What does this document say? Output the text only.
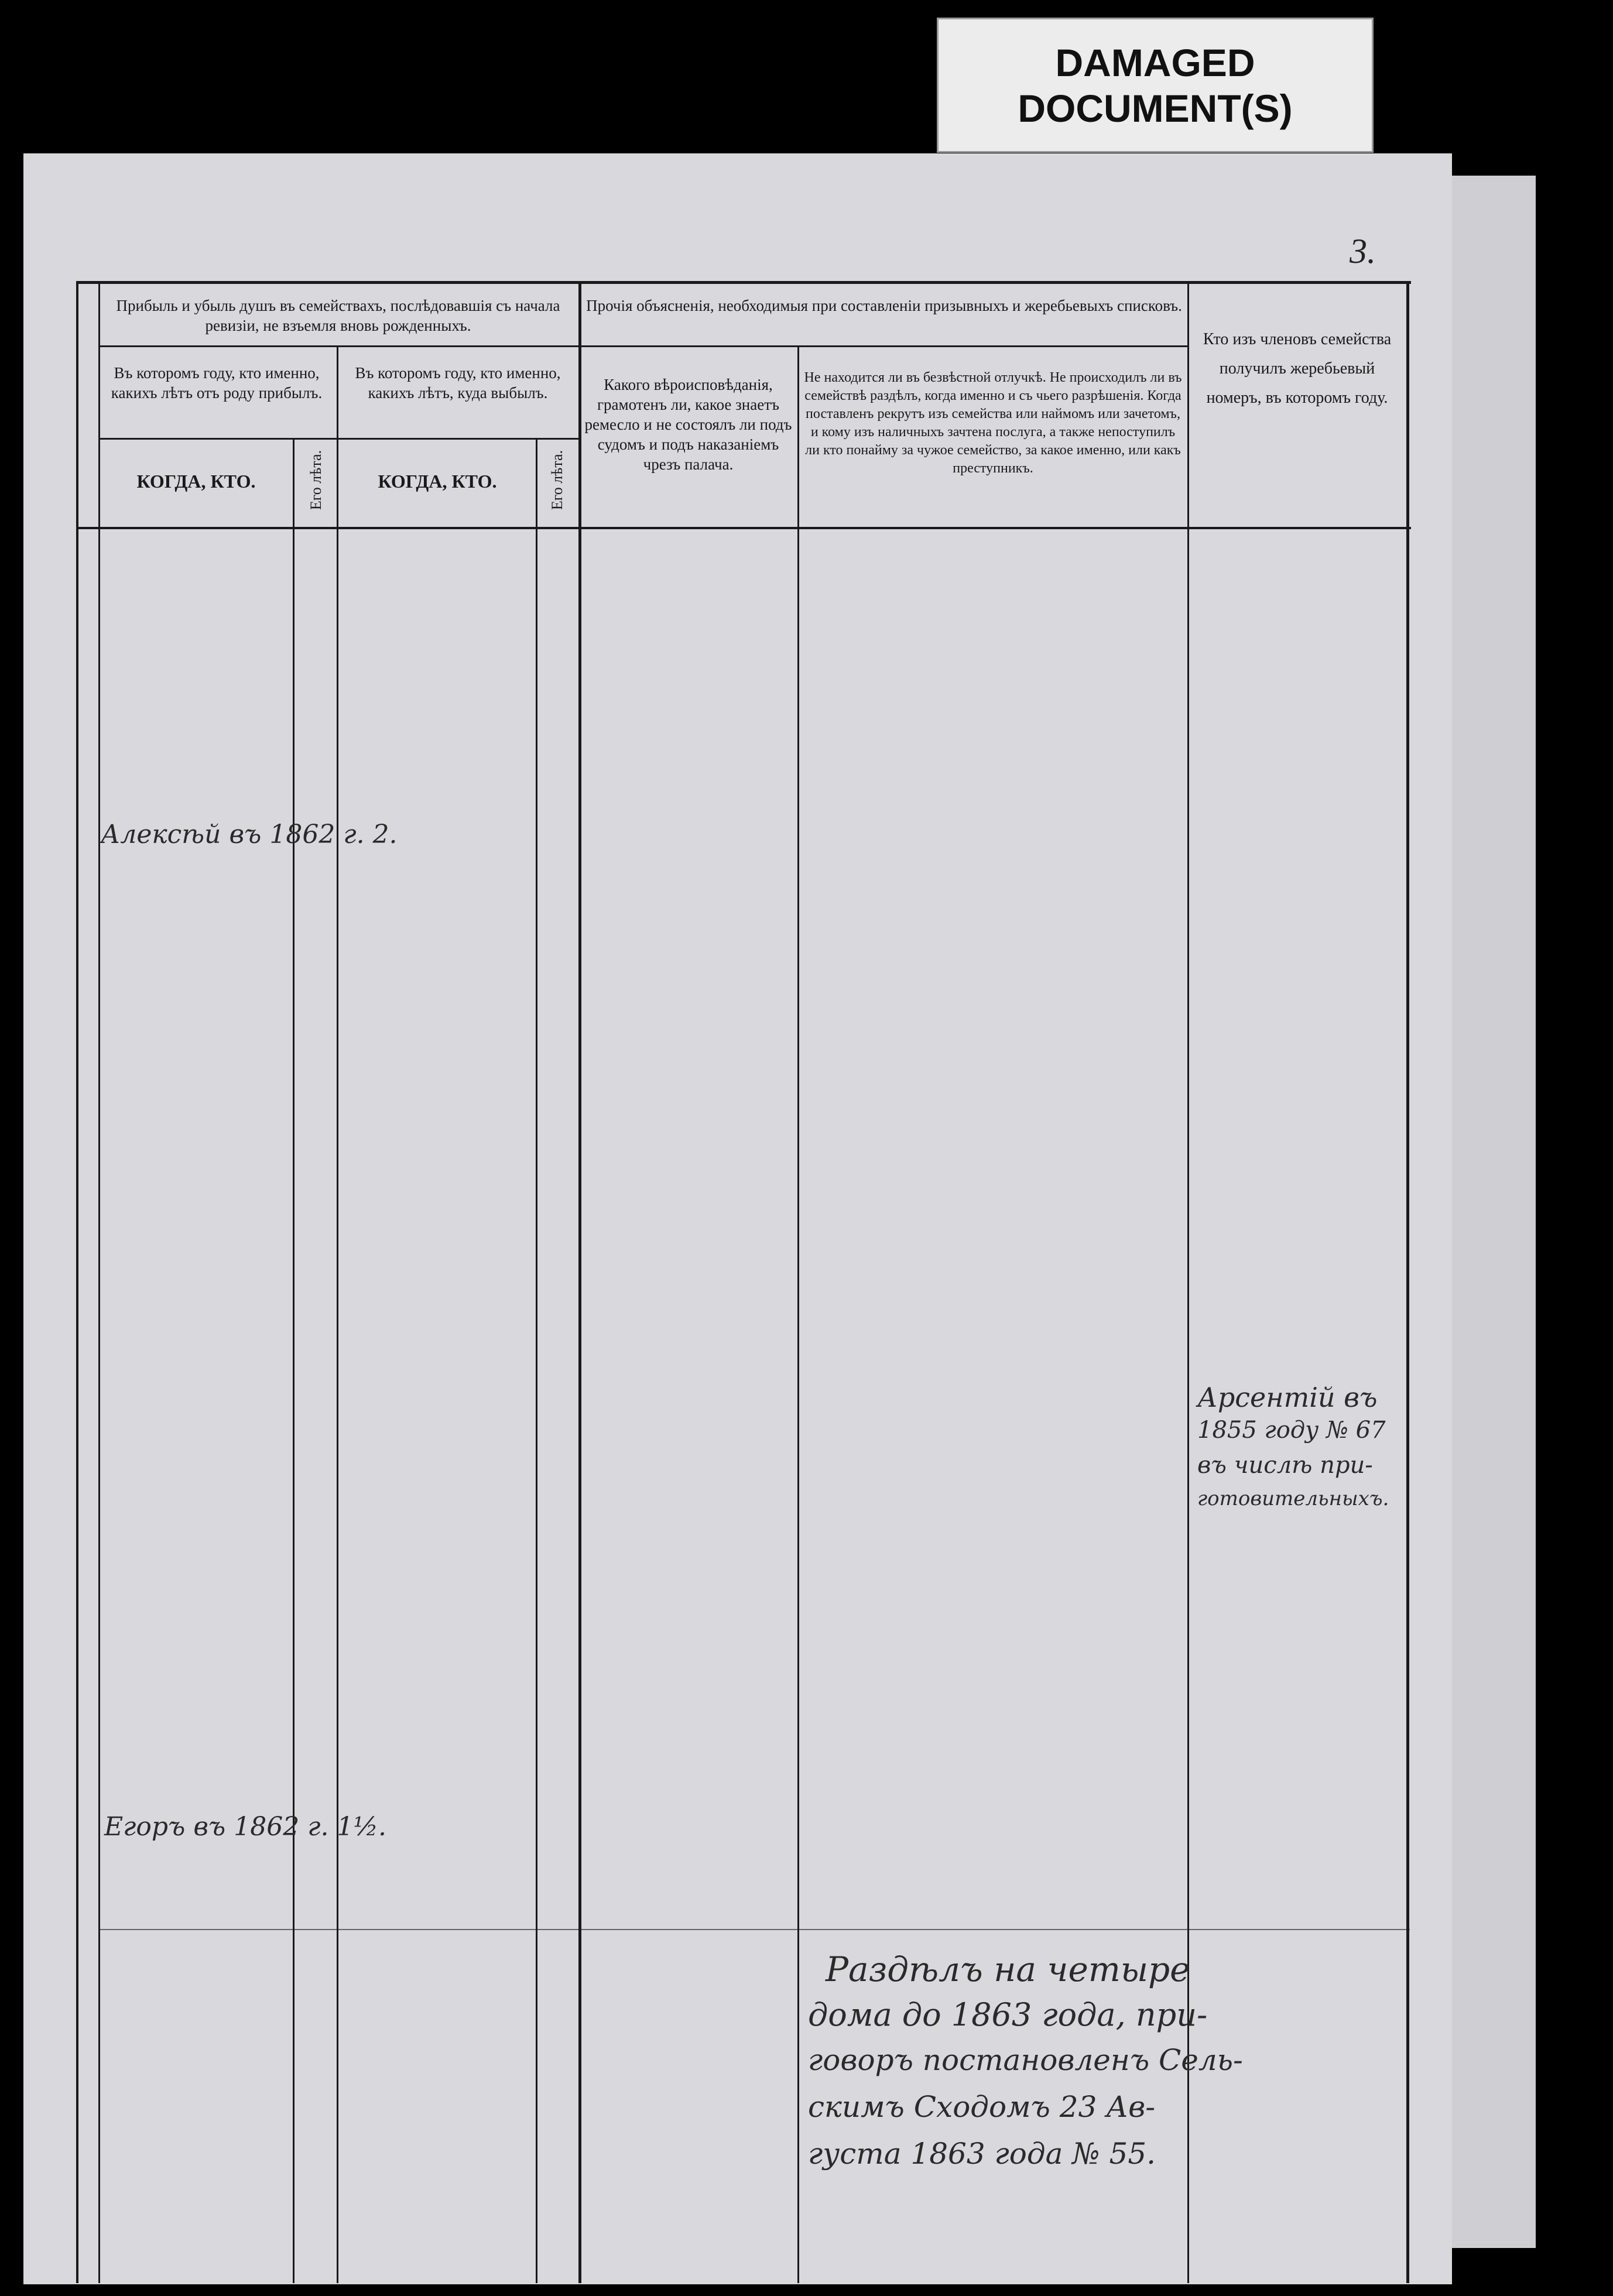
DAMAGED
DOCUMENT(S)
3.
Прибыль и убыль душъ въ семействахъ, послѣдовавшія съ начала ревизіи, не взъемля вновь рожденныхъ.
Прочія объясненія, необходимыя при составленіи призывныхъ и жеребьевыхъ списковъ.
Въ которомъ году, кто именно, какихъ лѣтъ отъ роду прибылъ.
Въ которомъ году, кто именно, какихъ лѣтъ, куда выбылъ.
КОГДА, КТО.	КОГДА, КТО.
Его лѣта.	Его лѣта.
Какого вѣроисповѣданія, грамотенъ ли, какое знаетъ ремесло и не состоялъ ли подъ судомъ и подъ наказаніемъ чрезъ палача.
Не находится ли въ безвѣстной отлучкѣ. Не происходилъ ли въ семействѣ раздѣлъ, когда именно и съ чьего разрѣшенія. Когда поставленъ рекрутъ изъ семейства или наймомъ или зачетомъ, и кому изъ наличныхъ зачтена послуга, а также непоступилъ ли кто понайму за чужое семейство, за какое именно, или какъ преступникъ.
Кто изъ членовъ семейства получилъ жеребьевый номеръ, въ которомъ году.
Алексѣй въ 1862 г. 2.
Егоръ въ 1862 г. 1½.
Арсентій въ
1855 году № 67
въ числѣ при-
готовительныхъ.
Раздѣлъ на четыре
дома до 1863 года, при-
говоръ постановленъ Сель-
скимъ Сходомъ 23 Ав-
густа 1863 года № 55.
